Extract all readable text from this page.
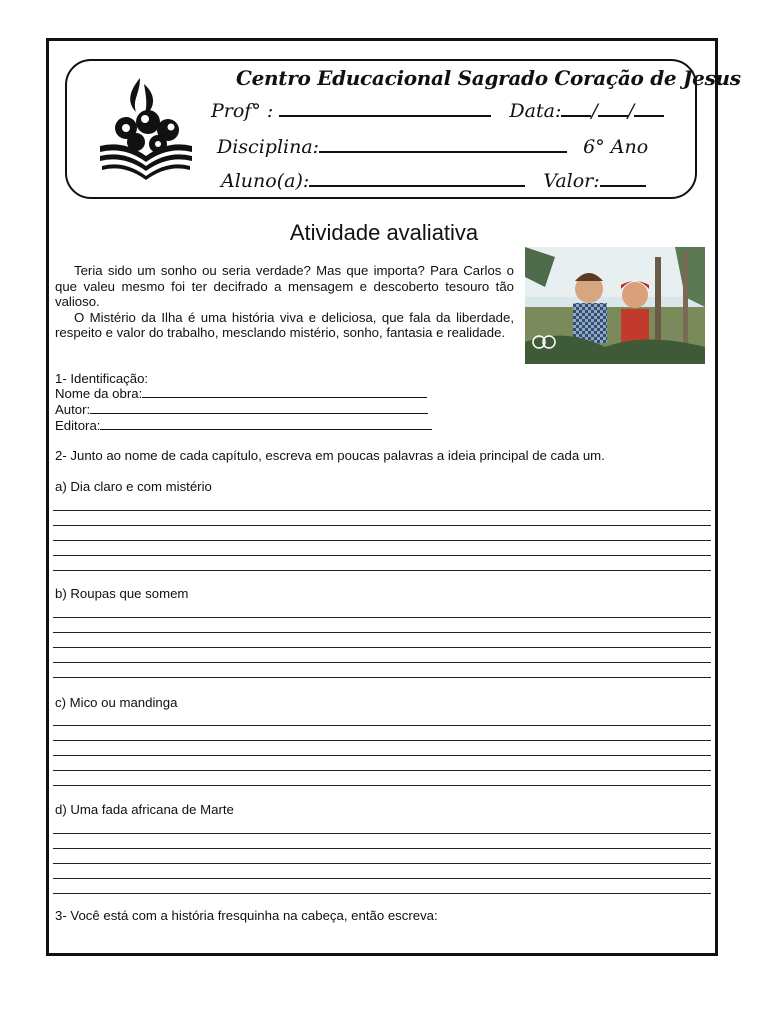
Centro Educacional Sagrado Coração de Jesus
Prof° :	Data: / /
Disciplina:	6° Ano
Aluno(a):	Valor:
Atividade avaliativa

Teria sido um sonho ou seria verdade? Mas que importa? Para Carlos o que valeu mesmo foi ter decifrado a mensagem e descoberto tesouro tão valioso.

O Mistério da Ilha é uma história viva e deliciosa, que fala da liberdade, respeito e valor do trabalho, mesclando mistério, sonho, fantasia e realidade.

1- Identificação:
Nome da obra:
Autor:
Editora:
2- Junto ao nome de cada capítulo, escreva em poucas palavras a ideia principal de cada um.
a) Dia claro e com mistério
b) Roupas que somem
c) Mico ou mandinga
d) Uma fada africana de Marte
3- Você está com a história fresquinha na cabeça, então escreva:
